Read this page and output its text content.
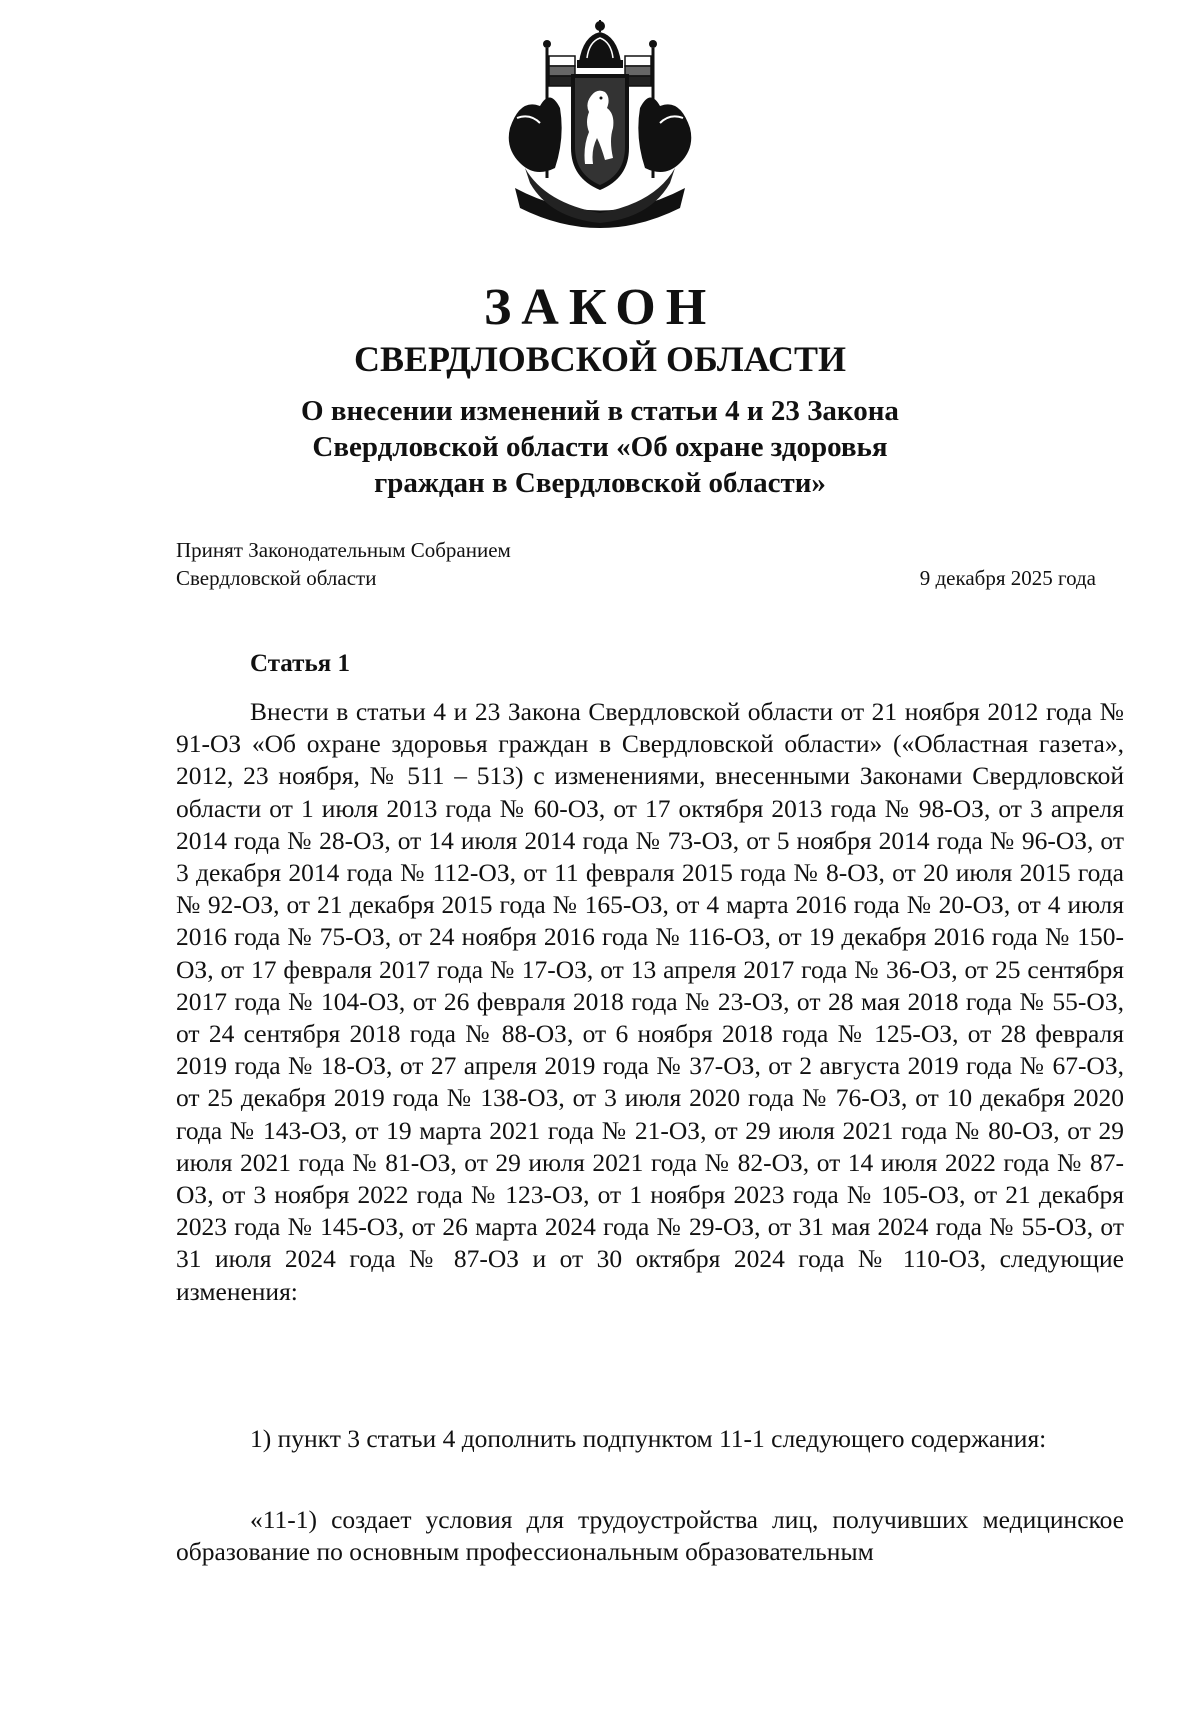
ЗАКОН
СВЕРДЛОВСКОЙ ОБЛАСТИ
О внесении изменений в статьи 4 и 23 Закона
Свердловской области «Об охране здоровья
граждан в Свердловской области»
Принят Законодательным Собранием
Свердловской области	9 декабря 2025 года
Статья 1

Внести в статьи 4 и 23 Закона Свердловской области от 21 ноября 2012 года № 91-ОЗ «Об охране здоровья граждан в Свердловской области» («Областная газета», 2012, 23 ноября, № 511 – 513) с изменениями, внесенными Законами Свердловской области от 1 июля 2013 года № 60-ОЗ, от 17 октября 2013 года № 98-ОЗ, от 3 апреля 2014 года № 28-ОЗ, от 14 июля 2014 года № 73-ОЗ, от 5 ноября 2014 года № 96-ОЗ, от 3 декабря 2014 года № 112-ОЗ, от 11 февраля 2015 года № 8-ОЗ, от 20 июля 2015 года № 92-ОЗ, от 21 декабря 2015 года № 165-ОЗ, от 4 марта 2016 года № 20-ОЗ, от 4 июля 2016 года № 75-ОЗ, от 24 ноября 2016 года № 116-ОЗ, от 19 декабря 2016 года № 150-ОЗ, от 17 февраля 2017 года № 17-ОЗ, от 13 апреля 2017 года № 36-ОЗ, от 25 сентября 2017 года № 104-ОЗ, от 26 февраля 2018 года № 23-ОЗ, от 28 мая 2018 года № 55-ОЗ, от 24 сентября 2018 года № 88-ОЗ, от 6 ноября 2018 года № 125-ОЗ, от 28 февраля 2019 года № 18-ОЗ, от 27 апреля 2019 года № 37-ОЗ, от 2 августа 2019 года № 67-ОЗ, от 25 декабря 2019 года № 138-ОЗ, от 3 июля 2020 года № 76-ОЗ, от 10 декабря 2020 года № 143-ОЗ, от 19 марта 2021 года № 21-ОЗ, от 29 июля 2021 года № 80-ОЗ, от 29 июля 2021 года № 81-ОЗ, от 29 июля 2021 года № 82-ОЗ, от 14 июля 2022 года № 87-ОЗ, от 3 ноября 2022 года № 123-ОЗ, от 1 ноября 2023 года № 105-ОЗ, от 21 декабря 2023 года № 145-ОЗ, от 26 марта 2024 года № 29-ОЗ, от 31 мая 2024 года № 55-ОЗ, от 31 июля 2024 года № 87-ОЗ и от 30 октября 2024 года № 110-ОЗ, следующие изменения:

1) пункт 3 статьи 4 дополнить подпунктом 11-1 следующего содержания:

«11-1) создает условия для трудоустройства лиц, получивших медицинское образование по основным профессиональным образовательным
